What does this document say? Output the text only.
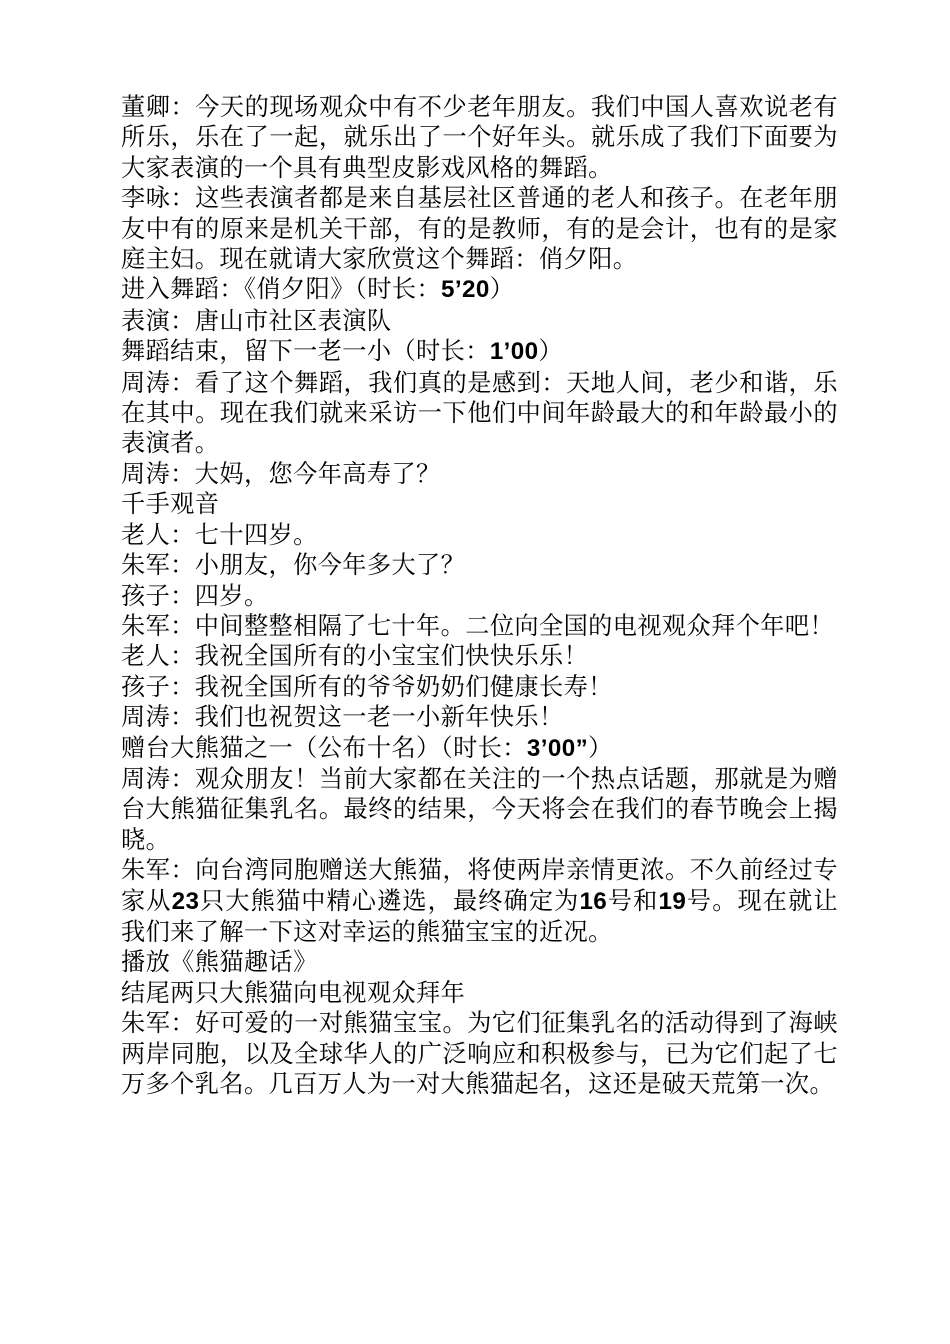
董卿：今天的现场观众中有不少老年朋友。我们中国人喜欢说老有所乐，乐在了一起，就乐出了一个好年头。就乐成了我们下面要为大家表演的一个具有典型皮影戏风格的舞蹈。

李咏：这些表演者都是来自基层社区普通的老人和孩子。在老年朋友中有的原来是机关干部，有的是教师，有的是会计，也有的是家庭主妇。现在就请大家欣赏这个舞蹈：俏夕阳。

进入舞蹈：《俏夕阳》（时长：5’20）

表演：唐山市社区表演队

舞蹈结束，留下一老一小（时长：1’00）

周涛：看了这个舞蹈，我们真的是感到：天地人间，老少和谐，乐在其中。现在我们就来采访一下他们中间年龄最大的和年龄最小的表演者。

周涛：大妈，您今年高寿了？

千手观音

老人：七十四岁。

朱军：小朋友，你今年多大了？

孩子：四岁。

朱军：中间整整相隔了七十年。二位向全国的电视观众拜个年吧！

老人：我祝全国所有的小宝宝们快快乐乐！

孩子：我祝全国所有的爷爷奶奶们健康长寿！

周涛：我们也祝贺这一老一小新年快乐！

赠台大熊猫之一（公布十名）（时长：3’00”）

周涛：观众朋友！当前大家都在关注的一个热点话题，那就是为赠台大熊猫征集乳名。最终的结果，今天将会在我们的春节晚会上揭晓。

朱军：向台湾同胞赠送大熊猫，将使两岸亲情更浓。不久前经过专家从23只大熊猫中精心遴选，最终确定为16号和19号。现在就让我们来了解一下这对幸运的熊猫宝宝的近况。

播放《熊猫趣话》

结尾两只大熊猫向电视观众拜年

朱军：好可爱的一对熊猫宝宝。为它们征集乳名的活动得到了海峡两岸同胞，以及全球华人的广泛响应和积极参与，已为它们起了七万多个乳名。几百万人为一对大熊猫起名，这还是破天荒第一次。
